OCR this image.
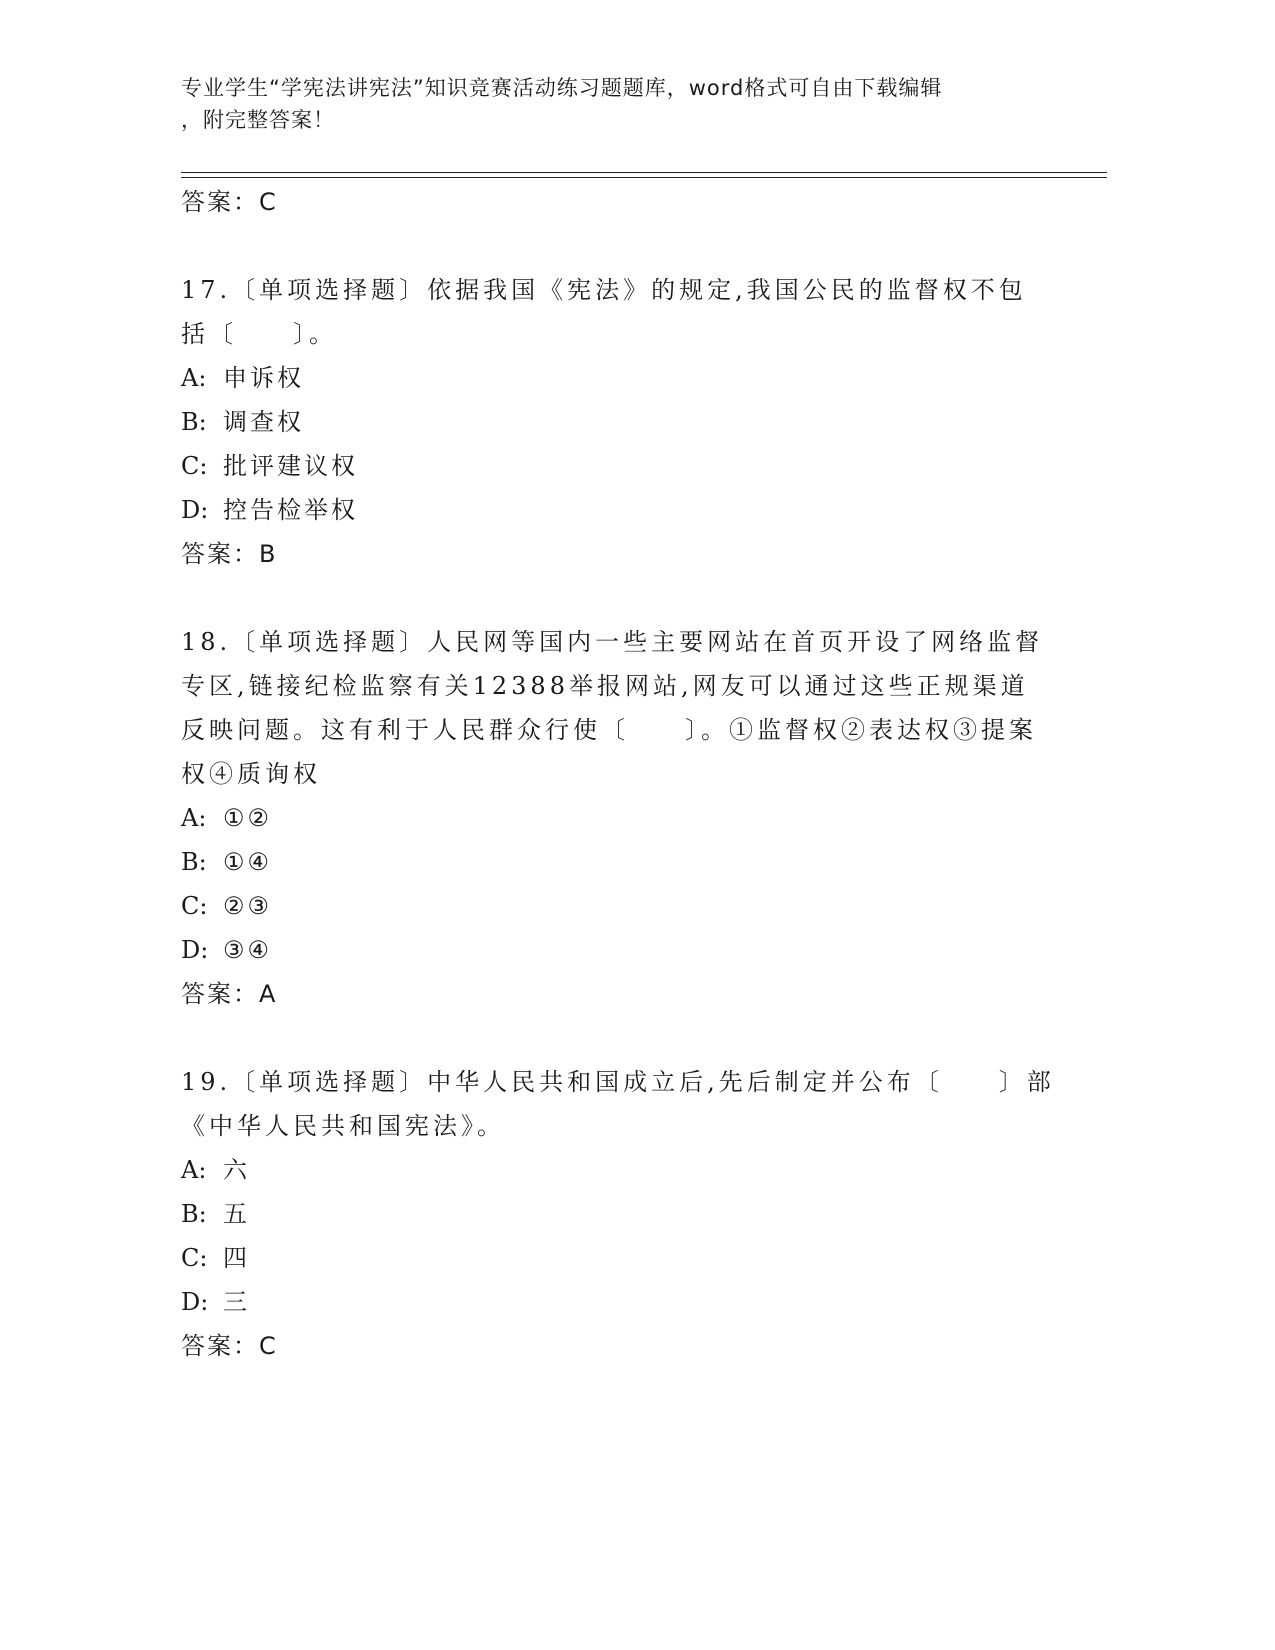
专业学生“学宪法讲宪法”知识竞赛活动练习题题库，word格式可自由下载编辑
，附完整答案！
答案：C
17.〔单项选择题〕依据我国《宪法》的规定,我国公民的监督权不包
括〔　　〕。
A: 申诉权
B: 调查权
C: 批评建议权
D: 控告检举权
答案：B
18.〔单项选择题〕人民网等国内一些主要网站在首页开设了网络监督
专区,链接纪检监察有关12388举报网站,网友可以通过这些正规渠道
反映问题。这有利于人民群众行使〔　　〕。①监督权②表达权③提案
权④质询权
A: ①②
B: ①④
C: ②③
D: ③④
答案：A
19.〔单项选择题〕中华人民共和国成立后,先后制定并公布〔　　〕部
《中华人民共和国宪法》。
A: 六
B: 五
C: 四
D: 三
答案：C
